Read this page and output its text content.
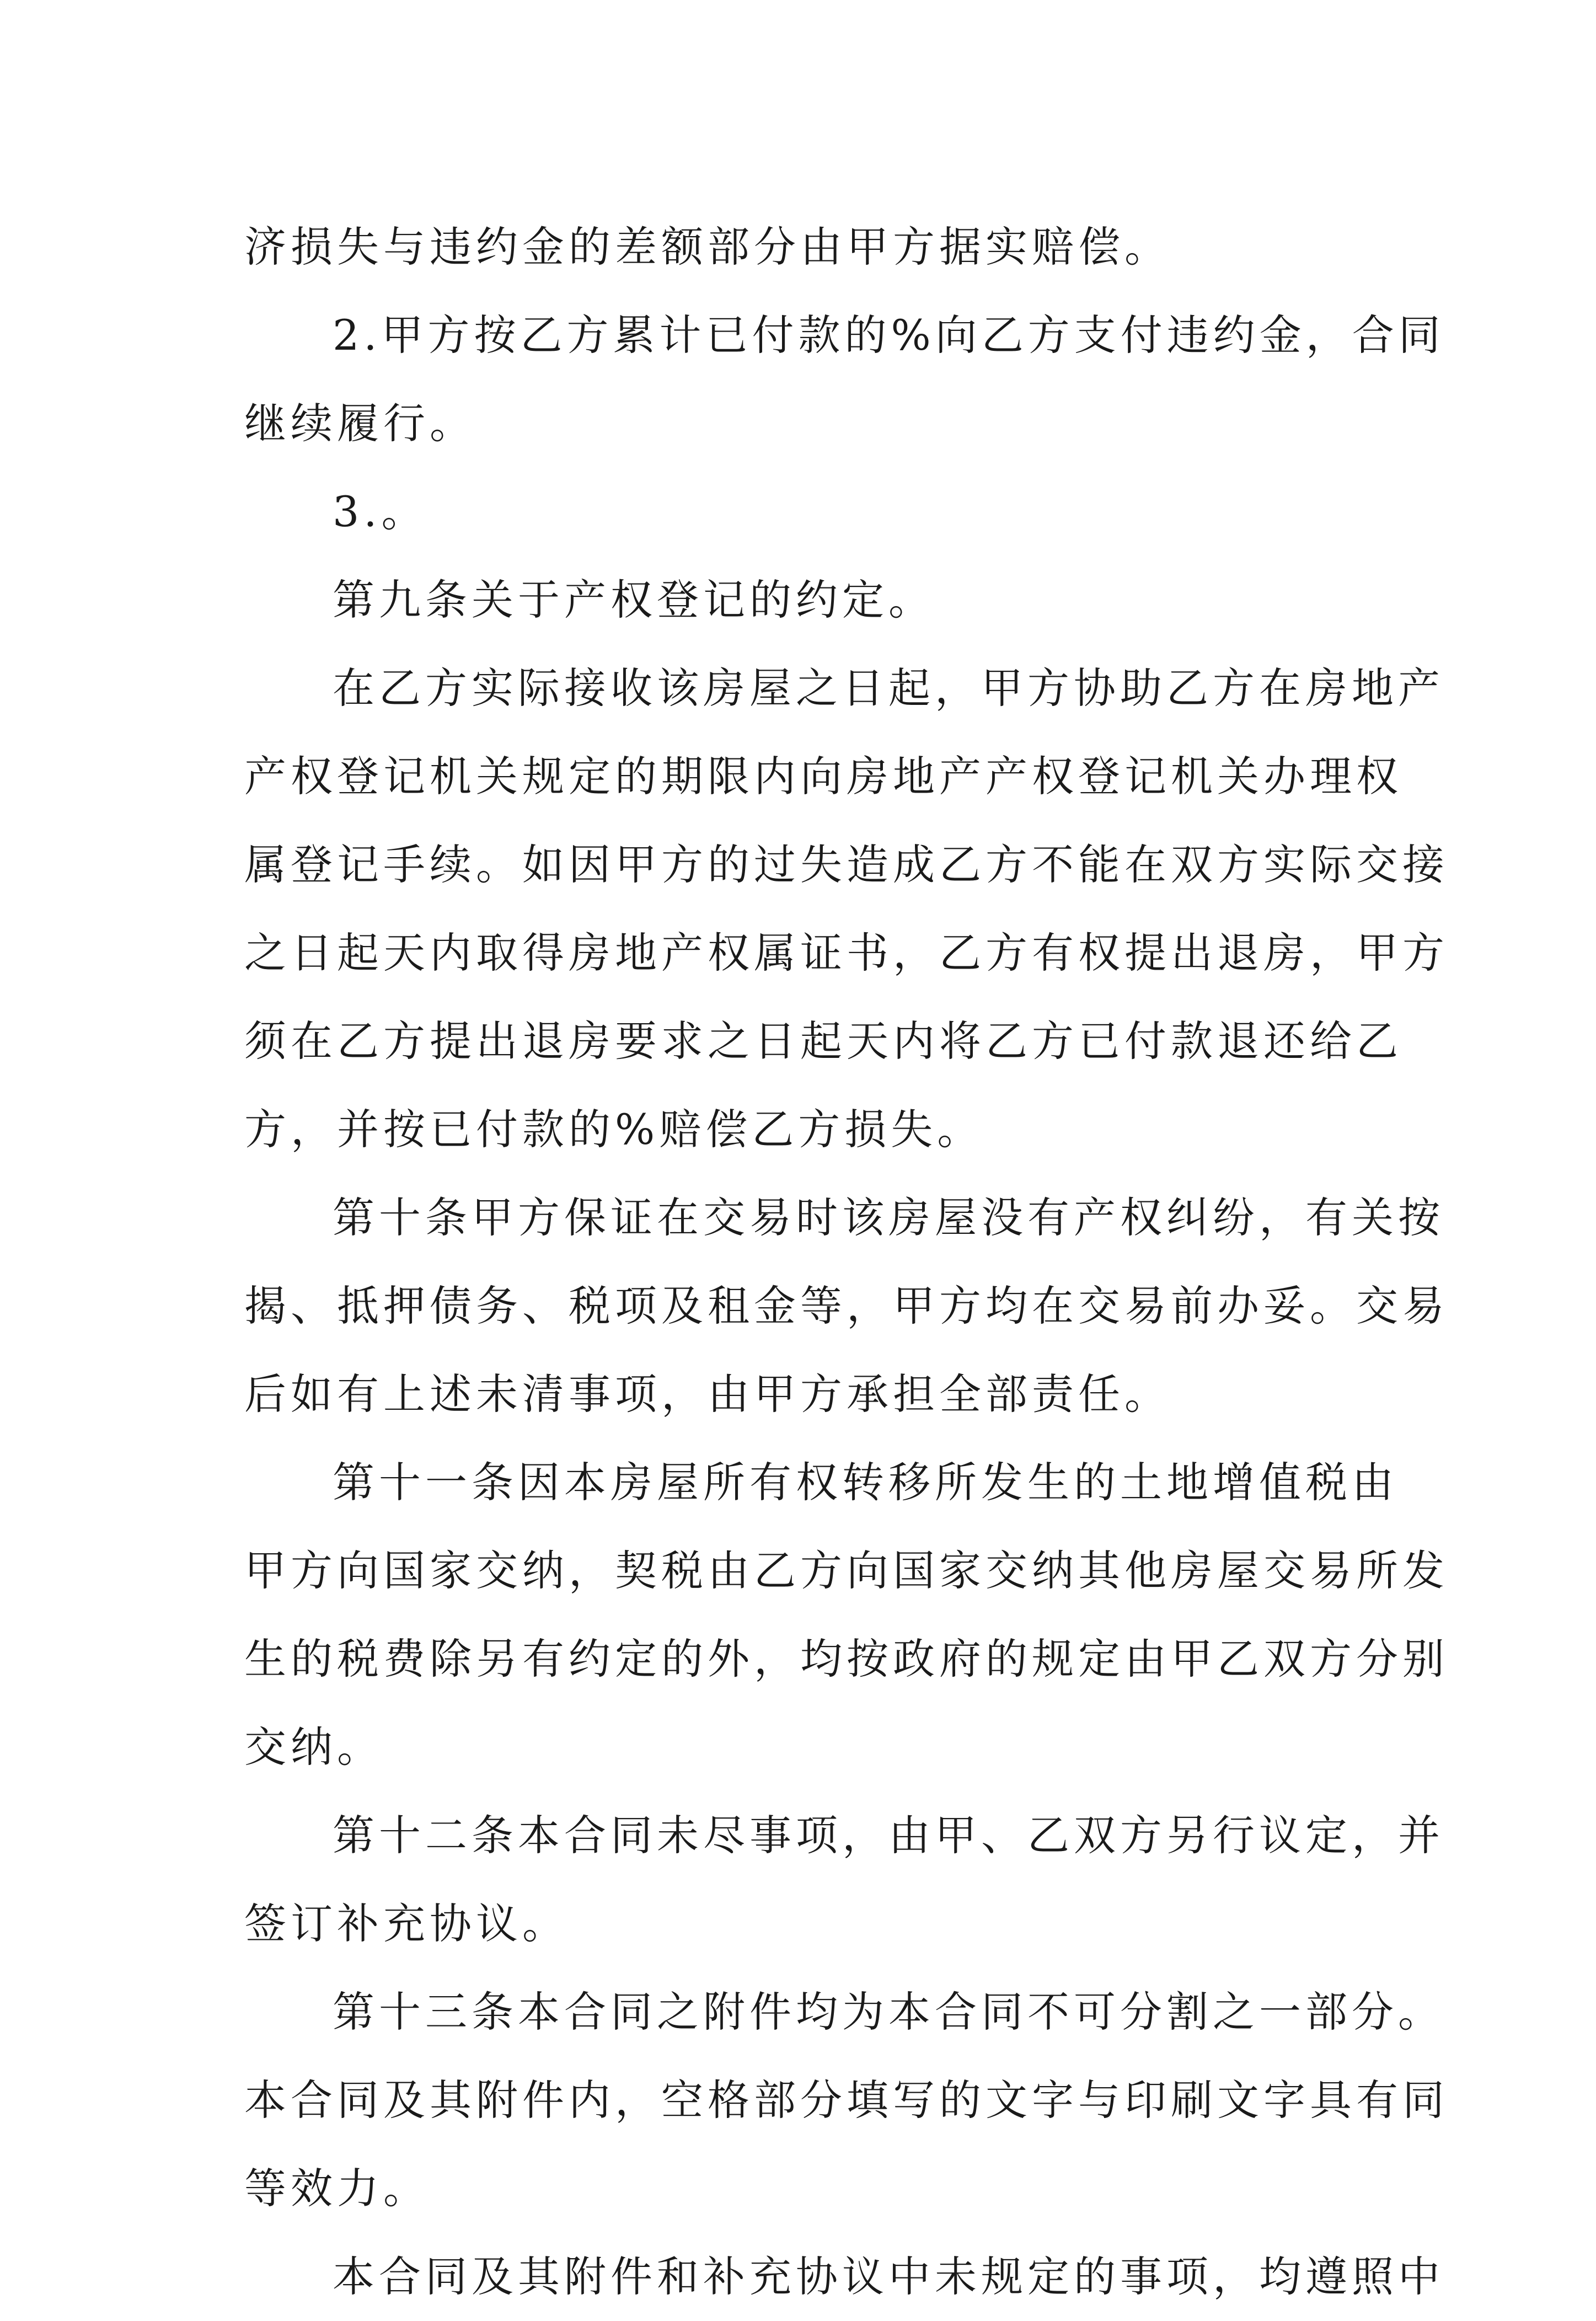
济损失与违约金的差额部分由甲方据实赔偿。
2.甲方按乙方累计已付款的%向乙方支付违约金，合同
继续履行。
3.。
第九条关于产权登记的约定。
在乙方实际接收该房屋之日起，甲方协助乙方在房地产
产权登记机关规定的期限内向房地产产权登记机关办理权
属登记手续。如因甲方的过失造成乙方不能在双方实际交接
之日起天内取得房地产权属证书，乙方有权提出退房，甲方
须在乙方提出退房要求之日起天内将乙方已付款退还给乙
方，并按已付款的%赔偿乙方损失。
第十条甲方保证在交易时该房屋没有产权纠纷，有关按
揭、抵押债务、税项及租金等，甲方均在交易前办妥。交易
后如有上述未清事项，由甲方承担全部责任。
第十一条因本房屋所有权转移所发生的土地增值税由
甲方向国家交纳，契税由乙方向国家交纳其他房屋交易所发
生的税费除另有约定的外，均按政府的规定由甲乙双方分别
交纳。
第十二条本合同未尽事项，由甲、乙双方另行议定，并
签订补充协议。
第十三条本合同之附件均为本合同不可分割之一部分。
本合同及其附件内，空格部分填写的文字与印刷文字具有同
等效力。
本合同及其附件和补充协议中未规定的事项，均遵照中
